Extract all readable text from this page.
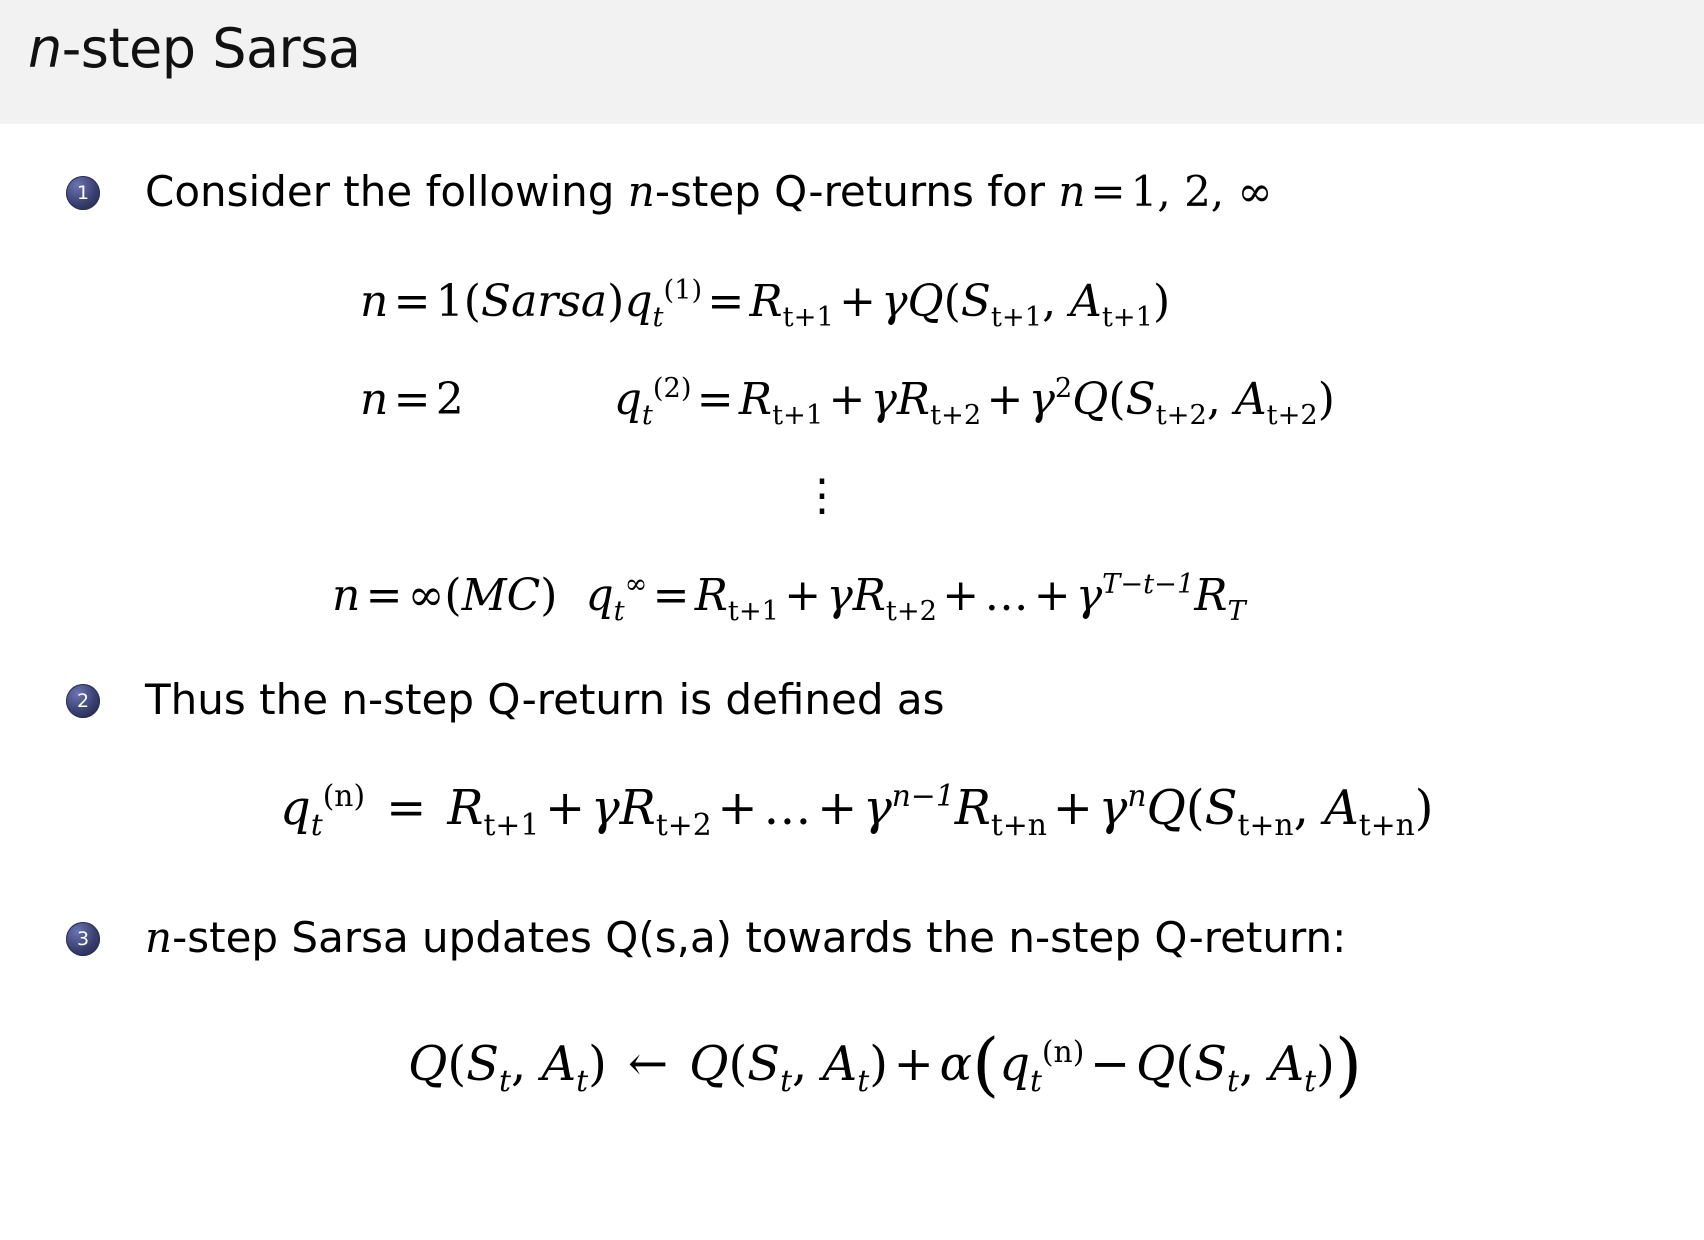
n-step Sarsa
1 Consider the following n-step Q-returns for n = 1, 2, ∞
$n = 1(Sarsa)q_t^{(1)} = R_{t+1} + \gamma Q(S_{t+1}$, $A_{t+1}$)
n = 2	$q_t^{(2)} = R_{t+1} + \gamma R_{t+2} + \gamma^2Q(S_{t+2}$, $A_{t+2}$)
⋮
n = ∞(MC) $q_t^\infty = R_{t+1} + \gamma R_{t+2}$ + … + $\gamma^{T-t-1}R_T$
2 Thus the n-step Q-return is defined as
$q_t^{(n)} = R_{t+1} + \gamma R_{t+2}$ + … + $\gamma^{n-1}R_{t+n} + \gamma^nQ(S_{t+n}$, $A_{t+n}$)
3 n-step Sarsa updates Q(s,a) towards the n-step Q-return:
$Q(S_t$, $A_t$) ← $Q(S_t$, $A_t) + \alpha(q_t^{(n)} - Q(S_t$, $A_t$))
